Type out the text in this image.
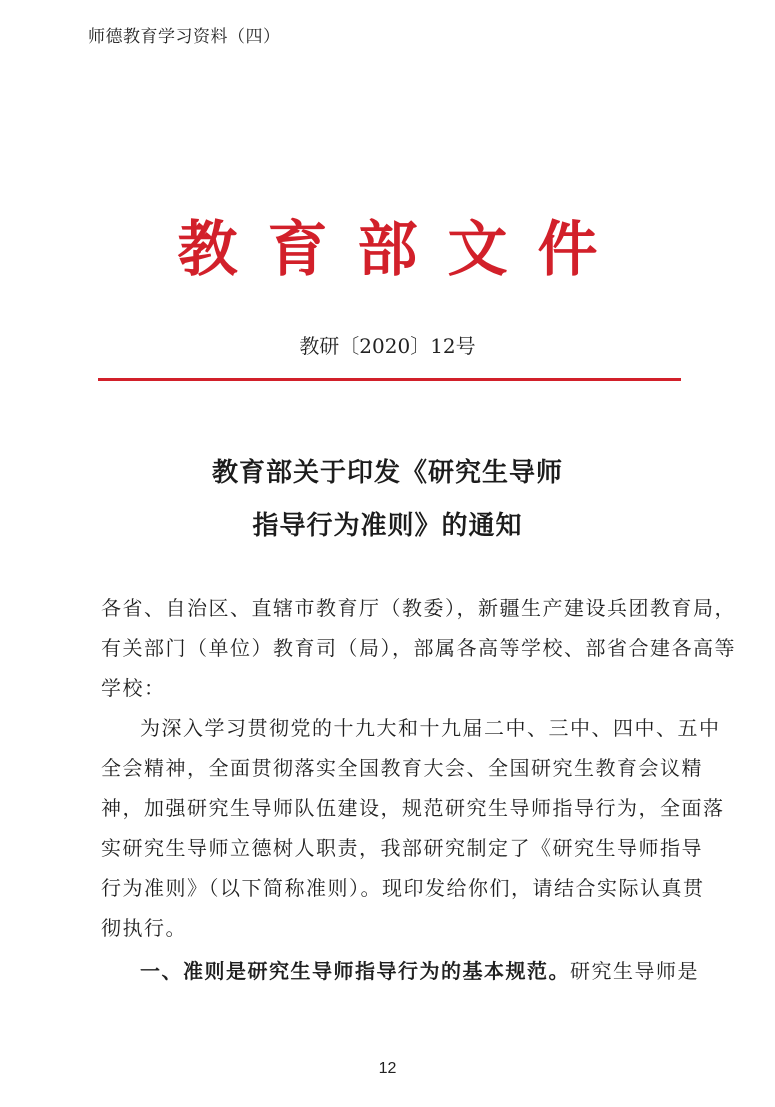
师德教育学习资料（四）
教育部文件
教研〔2020〕12号
教育部关于印发《研究生导师
指导行为准则》的通知
各省、自治区、直辖市教育厅（教委），新疆生产建设兵团教育局，
有关部门（单位）教育司（局），部属各高等学校、部省合建各高等
学校：
为深入学习贯彻党的十九大和十九届二中、三中、四中、五中
全会精神，全面贯彻落实全国教育大会、全国研究生教育会议精
神，加强研究生导师队伍建设，规范研究生导师指导行为，全面落
实研究生导师立德树人职责，我部研究制定了《研究生导师指导
行为准则》（以下简称准则）。现印发给你们，请结合实际认真贯
彻执行。
一、准则是研究生导师指导行为的基本规范。研究生导师是
12
